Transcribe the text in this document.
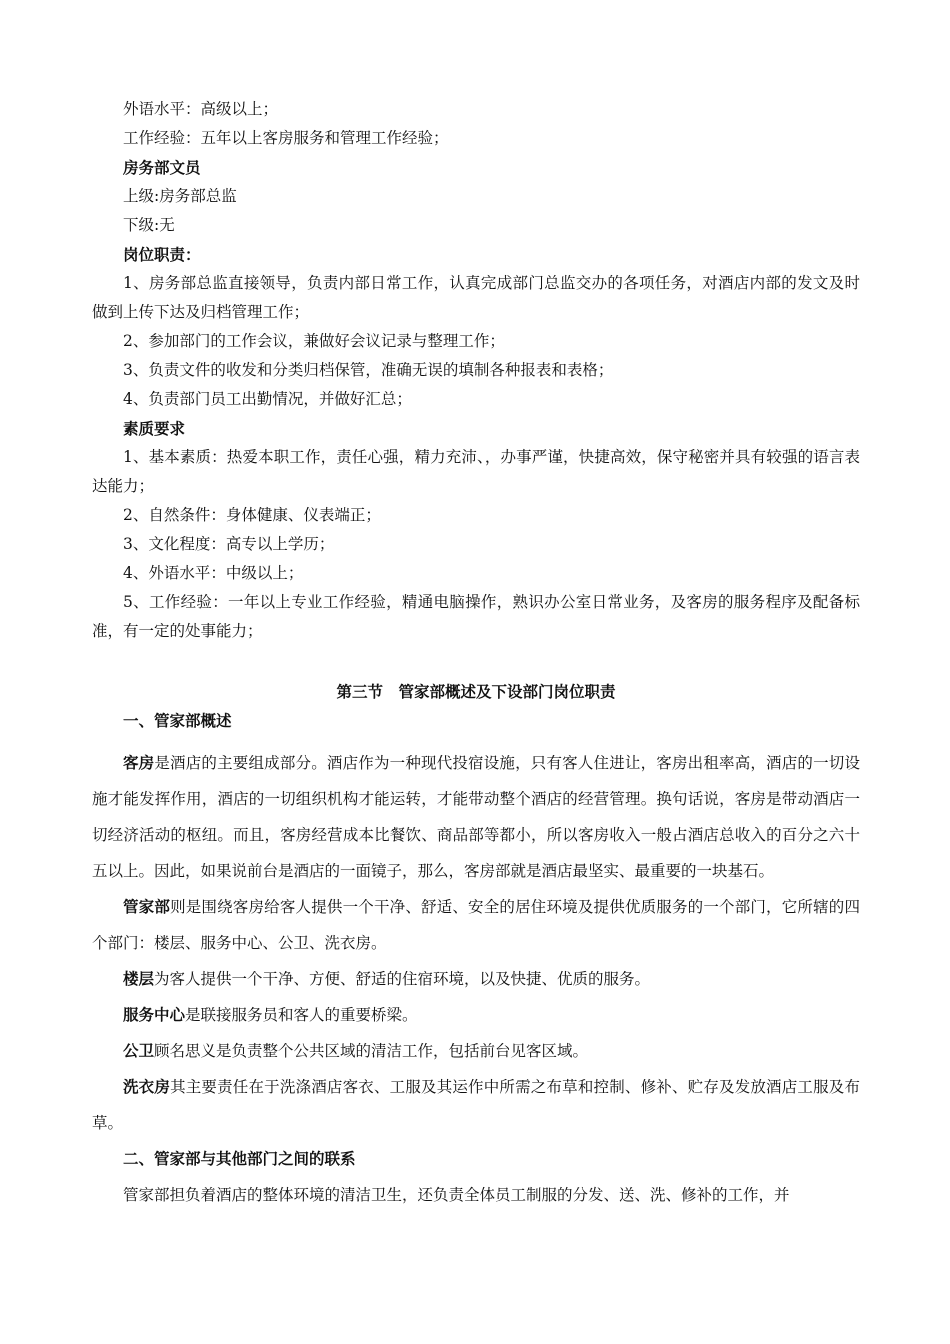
外语水平：高级以上；
工作经验：五年以上客房服务和管理工作经验；
房务部文员
上级:房务部总监
下级:无
岗位职责：
1、房务部总监直接领导，负责内部日常工作，认真完成部门总监交办的各项任务，对酒店内部的发文及时做到上传下达及归档管理工作；
2、参加部门的工作会议，兼做好会议记录与整理工作；
3、负责文件的收发和分类归档保管，准确无误的填制各种报表和表格；
4、负责部门员工出勤情况，并做好汇总；
素质要求
1、基本素质：热爱本职工作，责任心强，精力充沛、，办事严谨，快捷高效，保守秘密并具有较强的语言表达能力；
2、自然条件：身体健康、仪表端正；
3、文化程度：高专以上学历；
4、外语水平：中级以上；
5、工作经验：一年以上专业工作经验，精通电脑操作，熟识办公室日常业务，及客房的服务程序及配备标准，有一定的处事能力；
第三节　管家部概述及下设部门岗位职责
一、管家部概述
客房是酒店的主要组成部分。酒店作为一种现代投宿设施，只有客人住进让，客房出租率高，酒店的一切设施才能发挥作用，酒店的一切组织机构才能运转，才能带动整个酒店的经营管理。换句话说，客房是带动酒店一切经济活动的枢纽。而且，客房经营成本比餐饮、商品部等都小，所以客房收入一般占酒店总收入的百分之六十五以上。因此，如果说前台是酒店的一面镜子，那么，客房部就是酒店最坚实、最重要的一块基石。
管家部则是围绕客房给客人提供一个干净、舒适、安全的居住环境及提供优质服务的一个部门，它所辖的四个部门：楼层、服务中心、公卫、洗衣房。
楼层为客人提供一个干净、方便、舒适的住宿环境，以及快捷、优质的服务。
服务中心是联接服务员和客人的重要桥梁。
公卫顾名思义是负责整个公共区域的清洁工作，包括前台见客区域。
洗衣房其主要责任在于洗涤酒店客衣、工服及其运作中所需之布草和控制、修补、贮存及发放酒店工服及布草。
二、管家部与其他部门之间的联系
管家部担负着酒店的整体环境的清洁卫生，还负责全体员工制服的分发、送、洗、修补的工作，并
